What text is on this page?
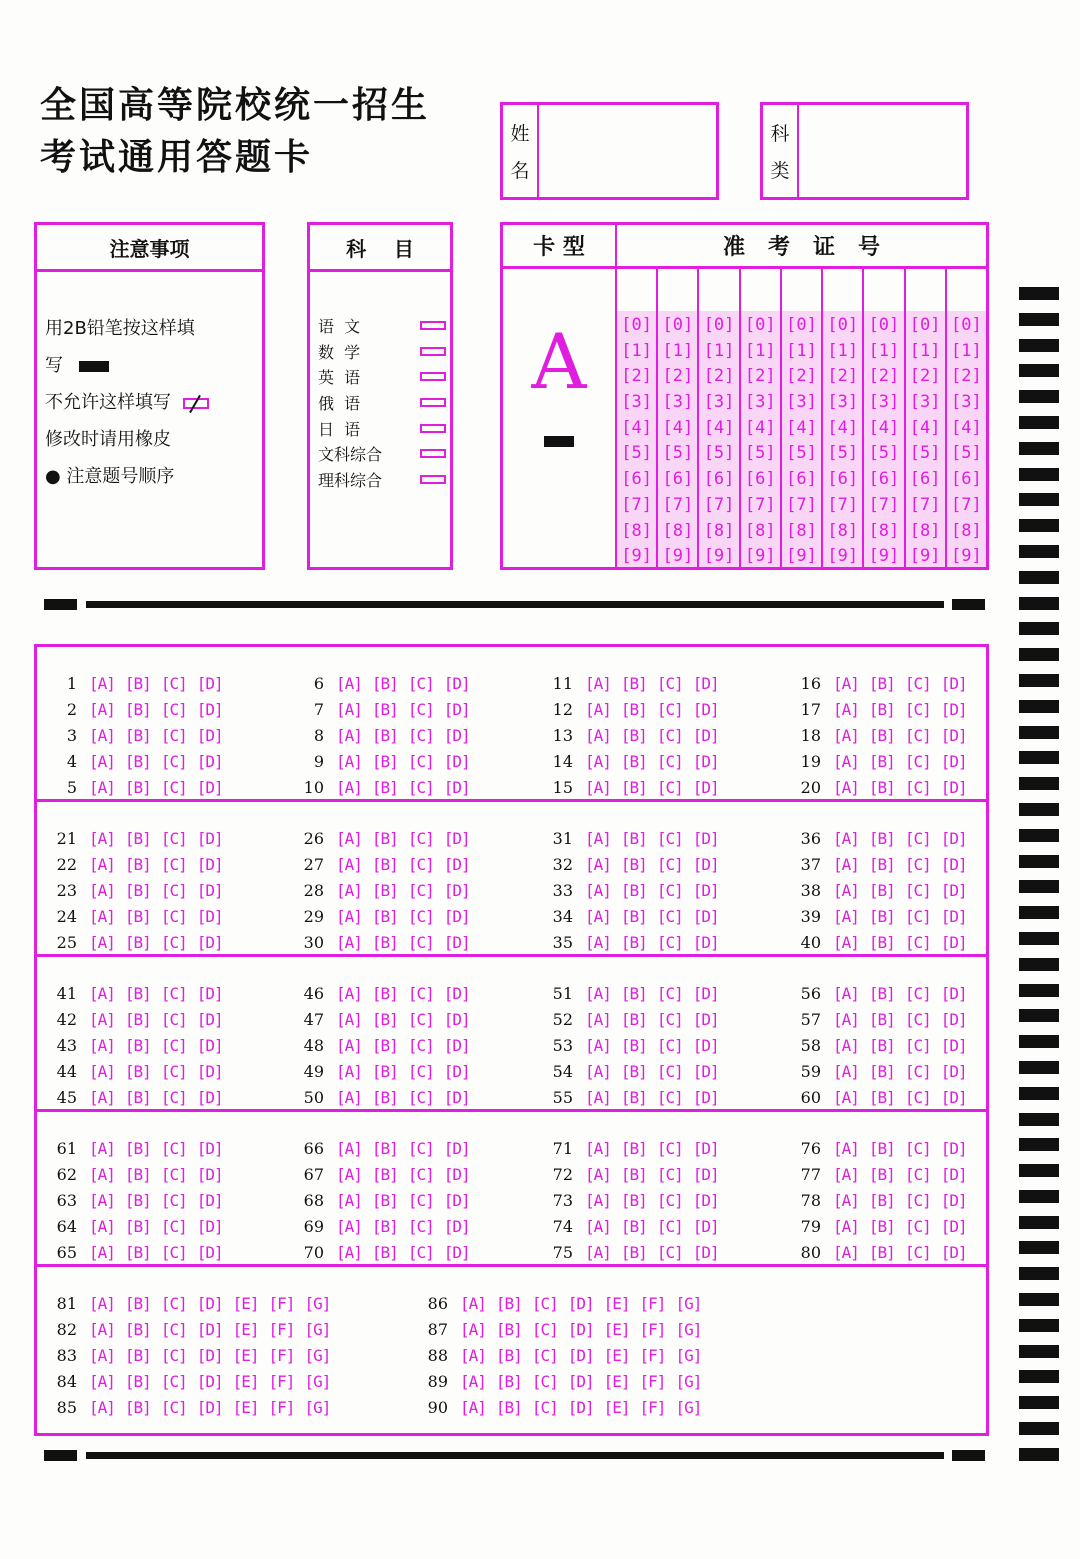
全国高等院校统一招生
考试通用答题卡
姓
名
科
类
注意事项
用2B铅笔按这样填
写
不允许这样填写
修改时请用橡皮
● 注意题号顺序
科    目
语  文
数  学
英  语
俄  语
日  语
文科综合
理科综合
卡 型
A
准   考   证   号
[0]
[1]
[2]
[3]
[4]
[5]
[6]
[7]
[8]
[9]
[0]
[1]
[2]
[3]
[4]
[5]
[6]
[7]
[8]
[9]
[0]
[1]
[2]
[3]
[4]
[5]
[6]
[7]
[8]
[9]
[0]
[1]
[2]
[3]
[4]
[5]
[6]
[7]
[8]
[9]
[0]
[1]
[2]
[3]
[4]
[5]
[6]
[7]
[8]
[9]
[0]
[1]
[2]
[3]
[4]
[5]
[6]
[7]
[8]
[9]
[0]
[1]
[2]
[3]
[4]
[5]
[6]
[7]
[8]
[9]
[0]
[1]
[2]
[3]
[4]
[5]
[6]
[7]
[8]
[9]
[0]
[1]
[2]
[3]
[4]
[5]
[6]
[7]
[8]
[9]
1 [A] [B] [C] [D]
2 [A] [B] [C] [D]
3 [A] [B] [C] [D]
4 [A] [B] [C] [D]
5 [A] [B] [C] [D]
6 [A] [B] [C] [D]
7 [A] [B] [C] [D]
8 [A] [B] [C] [D]
9 [A] [B] [C] [D]
10 [A] [B] [C] [D]
11 [A] [B] [C] [D]
12 [A] [B] [C] [D]
13 [A] [B] [C] [D]
14 [A] [B] [C] [D]
15 [A] [B] [C] [D]
16 [A] [B] [C] [D]
17 [A] [B] [C] [D]
18 [A] [B] [C] [D]
19 [A] [B] [C] [D]
20 [A] [B] [C] [D]
21 [A] [B] [C] [D]
22 [A] [B] [C] [D]
23 [A] [B] [C] [D]
24 [A] [B] [C] [D]
25 [A] [B] [C] [D]
26 [A] [B] [C] [D]
27 [A] [B] [C] [D]
28 [A] [B] [C] [D]
29 [A] [B] [C] [D]
30 [A] [B] [C] [D]
31 [A] [B] [C] [D]
32 [A] [B] [C] [D]
33 [A] [B] [C] [D]
34 [A] [B] [C] [D]
35 [A] [B] [C] [D]
36 [A] [B] [C] [D]
37 [A] [B] [C] [D]
38 [A] [B] [C] [D]
39 [A] [B] [C] [D]
40 [A] [B] [C] [D]
41 [A] [B] [C] [D]
42 [A] [B] [C] [D]
43 [A] [B] [C] [D]
44 [A] [B] [C] [D]
45 [A] [B] [C] [D]
46 [A] [B] [C] [D]
47 [A] [B] [C] [D]
48 [A] [B] [C] [D]
49 [A] [B] [C] [D]
50 [A] [B] [C] [D]
51 [A] [B] [C] [D]
52 [A] [B] [C] [D]
53 [A] [B] [C] [D]
54 [A] [B] [C] [D]
55 [A] [B] [C] [D]
56 [A] [B] [C] [D]
57 [A] [B] [C] [D]
58 [A] [B] [C] [D]
59 [A] [B] [C] [D]
60 [A] [B] [C] [D]
61 [A] [B] [C] [D]
62 [A] [B] [C] [D]
63 [A] [B] [C] [D]
64 [A] [B] [C] [D]
65 [A] [B] [C] [D]
66 [A] [B] [C] [D]
67 [A] [B] [C] [D]
68 [A] [B] [C] [D]
69 [A] [B] [C] [D]
70 [A] [B] [C] [D]
71 [A] [B] [C] [D]
72 [A] [B] [C] [D]
73 [A] [B] [C] [D]
74 [A] [B] [C] [D]
75 [A] [B] [C] [D]
76 [A] [B] [C] [D]
77 [A] [B] [C] [D]
78 [A] [B] [C] [D]
79 [A] [B] [C] [D]
80 [A] [B] [C] [D]
81 [A] [B] [C] [D] [E] [F] [G]
82 [A] [B] [C] [D] [E] [F] [G]
83 [A] [B] [C] [D] [E] [F] [G]
84 [A] [B] [C] [D] [E] [F] [G]
85 [A] [B] [C] [D] [E] [F] [G]
86 [A] [B] [C] [D] [E] [F] [G]
87 [A] [B] [C] [D] [E] [F] [G]
88 [A] [B] [C] [D] [E] [F] [G]
89 [A] [B] [C] [D] [E] [F] [G]
90 [A] [B] [C] [D] [E] [F] [G]
